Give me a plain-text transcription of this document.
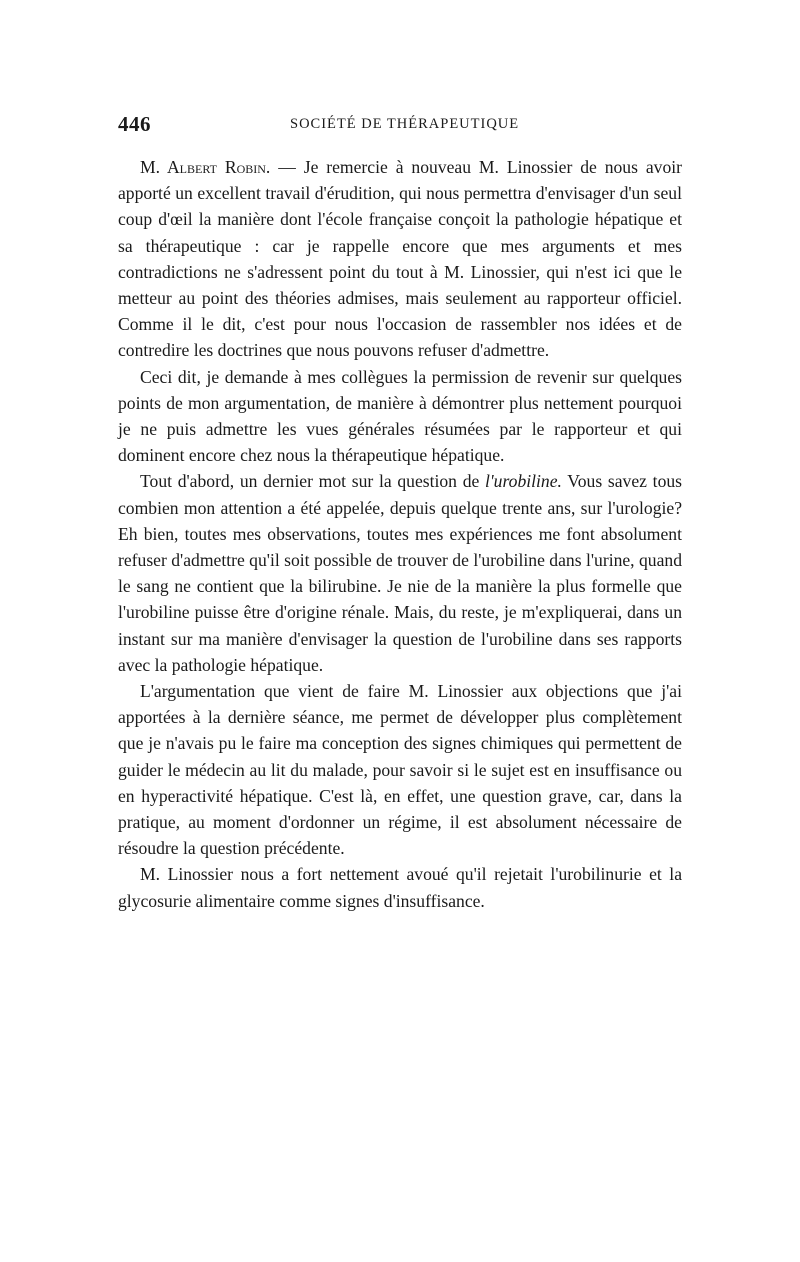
446	SOCIÉTÉ DE THÉRAPEUTIQUE

M. Albert Robin. — Je remercie à nouveau M. Linossier de nous avoir apporté un excellent travail d'érudition, qui nous permettra d'envisager d'un seul coup d'œil la manière dont l'école française conçoit la pathologie hépatique et sa thérapeutique : car je rappelle encore que mes arguments et mes contradictions ne s'adressent point du tout à M. Linossier, qui n'est ici que le metteur au point des théories admises, mais seulement au rapporteur officiel. Comme il le dit, c'est pour nous l'occasion de rassembler nos idées et de contredire les doctrines que nous pouvons refuser d'admettre.

Ceci dit, je demande à mes collègues la permission de revenir sur quelques points de mon argumentation, de manière à démontrer plus nettement pourquoi je ne puis admettre les vues générales résumées par le rapporteur et qui dominent encore chez nous la thérapeutique hépatique.

Tout d'abord, un dernier mot sur la question de l'urobiline. Vous savez tous combien mon attention a été appelée, depuis quelque trente ans, sur l'urologie? Eh bien, toutes mes observations, toutes mes expériences me font absolument refuser d'admettre qu'il soit possible de trouver de l'urobiline dans l'urine, quand le sang ne contient que la bilirubine. Je nie de la manière la plus formelle que l'urobiline puisse être d'origine rénale. Mais, du reste, je m'expliquerai, dans un instant sur ma manière d'envisager la question de l'urobiline dans ses rapports avec la pathologie hépatique.

L'argumentation que vient de faire M. Linossier aux objections que j'ai apportées à la dernière séance, me permet de développer plus complètement que je n'avais pu le faire ma conception des signes chimiques qui permettent de guider le médecin au lit du malade, pour savoir si le sujet est en insuffisance ou en hyperactivité hépatique. C'est là, en effet, une question grave, car, dans la pratique, au moment d'ordonner un régime, il est absolument nécessaire de résoudre la question précédente.

M. Linossier nous a fort nettement avoué qu'il rejetait l'urobilinurie et la glycosurie alimentaire comme signes d'insuffisance.
